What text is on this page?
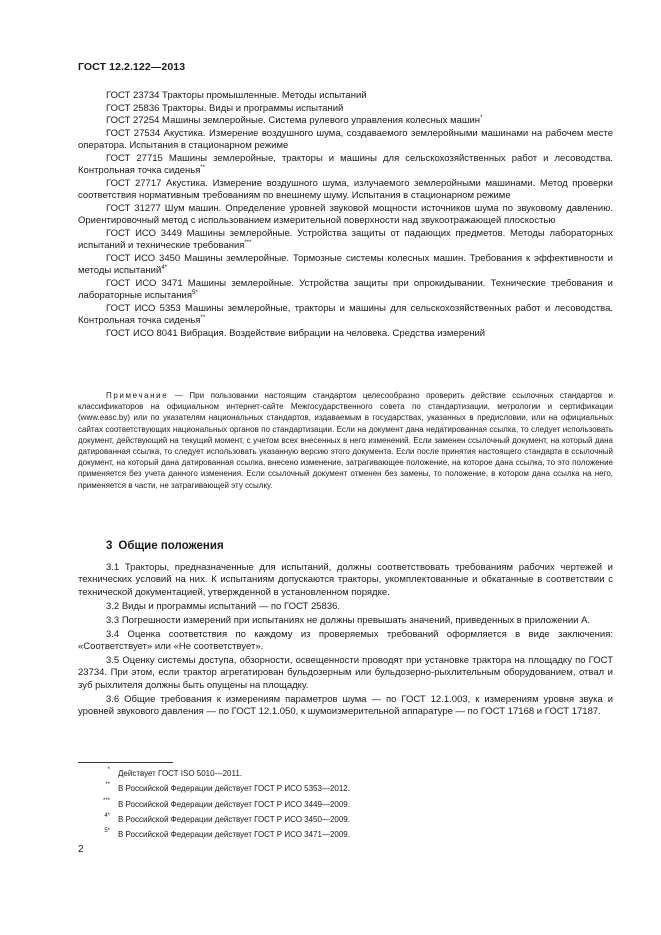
ГОСТ 12.2.122—2013

ГОСТ 23734 Тракторы промышленные. Методы испытаний

ГОСТ 25836 Тракторы. Виды и программы испытаний

ГОСТ 27254 Машины землеройные. Система рулевого управления колесных машин*

ГОСТ 27534 Акустика. Измерение воздушного шума, создаваемого землеройными машинами на рабочем месте оператора. Испытания в стационарном режиме

ГОСТ 27715 Машины землеройные, тракторы и машины для сельскохозяйственных работ и лесоводства. Контрольная точка сиденья**

ГОСТ 27717 Акустика. Измерение воздушного шума, излучаемого землеройными машинами. Метод проверки соответствия нормативным требованиям по внешнему шуму. Испытания в стационарном режиме

ГОСТ 31277 Шум машин. Определение уровней звуковой мощности источников шума по звуковому давлению. Ориентировочный метод с использованием измерительной поверхности над звукоотражающей плоскостью

ГОСТ ИСО 3449 Машины землеройные. Устройства защиты от падающих предметов. Методы лабораторных испытаний и технические требования***

ГОСТ ИСО 3450 Машины землеройные. Тормозные системы колесных машин. Требования к эффективности и методы испытаний$^{4*}$

ГОСТ ИСО 3471 Машины землеройные. Устройства защиты при опрокидывании. Технические требования и лабораторные испытания$^{5*}$

ГОСТ ИСО 5353 Машины землеройные, тракторы и машины для сельскохозяйственных работ и лесоводства. Контрольная точка сиденья**

ГОСТ ИСО 8041 Вибрация. Воздействие вибрации на человека. Средства измерений

Примечание — При пользовании настоящим стандартом целесообразно проверить действие ссылочных стандартов и классификаторов на официальном интернет-сайте Межгосударственного совета по стандартизации, метрологии и сертификации (www.easc.by) или по указателям национальных стандартов, издаваемым в государствах, указанных в предисловии, или на официальных сайтах соответствующих национальных органов по стандартизации. Если на документ дана недатированная ссылка, то следует использовать документ, действующий на текущий момент, с учетом всех внесенных в него изменений. Если заменен ссылочный документ, на который дана датированная ссылка, то следует использовать указанную версию этого документа. Если после принятия настоящего стандарта в ссылочный документ, на который дана датированная ссылка, внесено изменение, затрагивающее положение, на которое дана ссылка, то это положение применяется без учета данного изменения. Если ссылочный документ отменен без замены, то положение, в котором дана ссылка на него, применяется в части, не затрагивающей эту ссылку.

3 Общие положения

3.1 Тракторы, предназначенные для испытаний, должны соответствовать требованиям рабочих чертежей и технических условий на них. К испытаниям допускаются тракторы, укомплектованные и обкатанные в соответствии с технической документацией, утвержденной в установленном порядке.

3.2 Виды и программы испытаний — по ГОСТ 25836.

3.3 Погрешности измерений при испытаниях не должны превышать значений, приведенных в приложении А.

3.4 Оценка соответствия по каждому из проверяемых требований оформляется в виде заключения: «Соответствует» или «Не соответствует».

3.5 Оценку системы доступа, обзорности, освещенности проводят при установке трактора на площадку по ГОСТ 23734. При этом, если трактор агрегатирован бульдозерным или бульдозерно-рыхлительным оборудованием, отвал и зуб рыхлителя должны быть опущены на площадку.

3.6 Общие требования к измерениям параметров шума — по ГОСТ 12.1.003, к измерениям уровня звука и уровней звукового давления — по ГОСТ 12.1.050, к шумоизмерительной аппаратуре — по ГОСТ 17168 и ГОСТ 17187.

* Действует ГОСТ ISO 5010—2011.
** В Российской Федерации действует ГОСТ Р ИСО 5353—2012.
*** В Российской Федерации действует ГОСТ Р ИСО 3449—2009.
4* В Российской Федерации действует ГОСТ Р ИСО 3450—2009.
5* В Российской Федерации действует ГОСТ Р ИСО 3471—2009.
2
